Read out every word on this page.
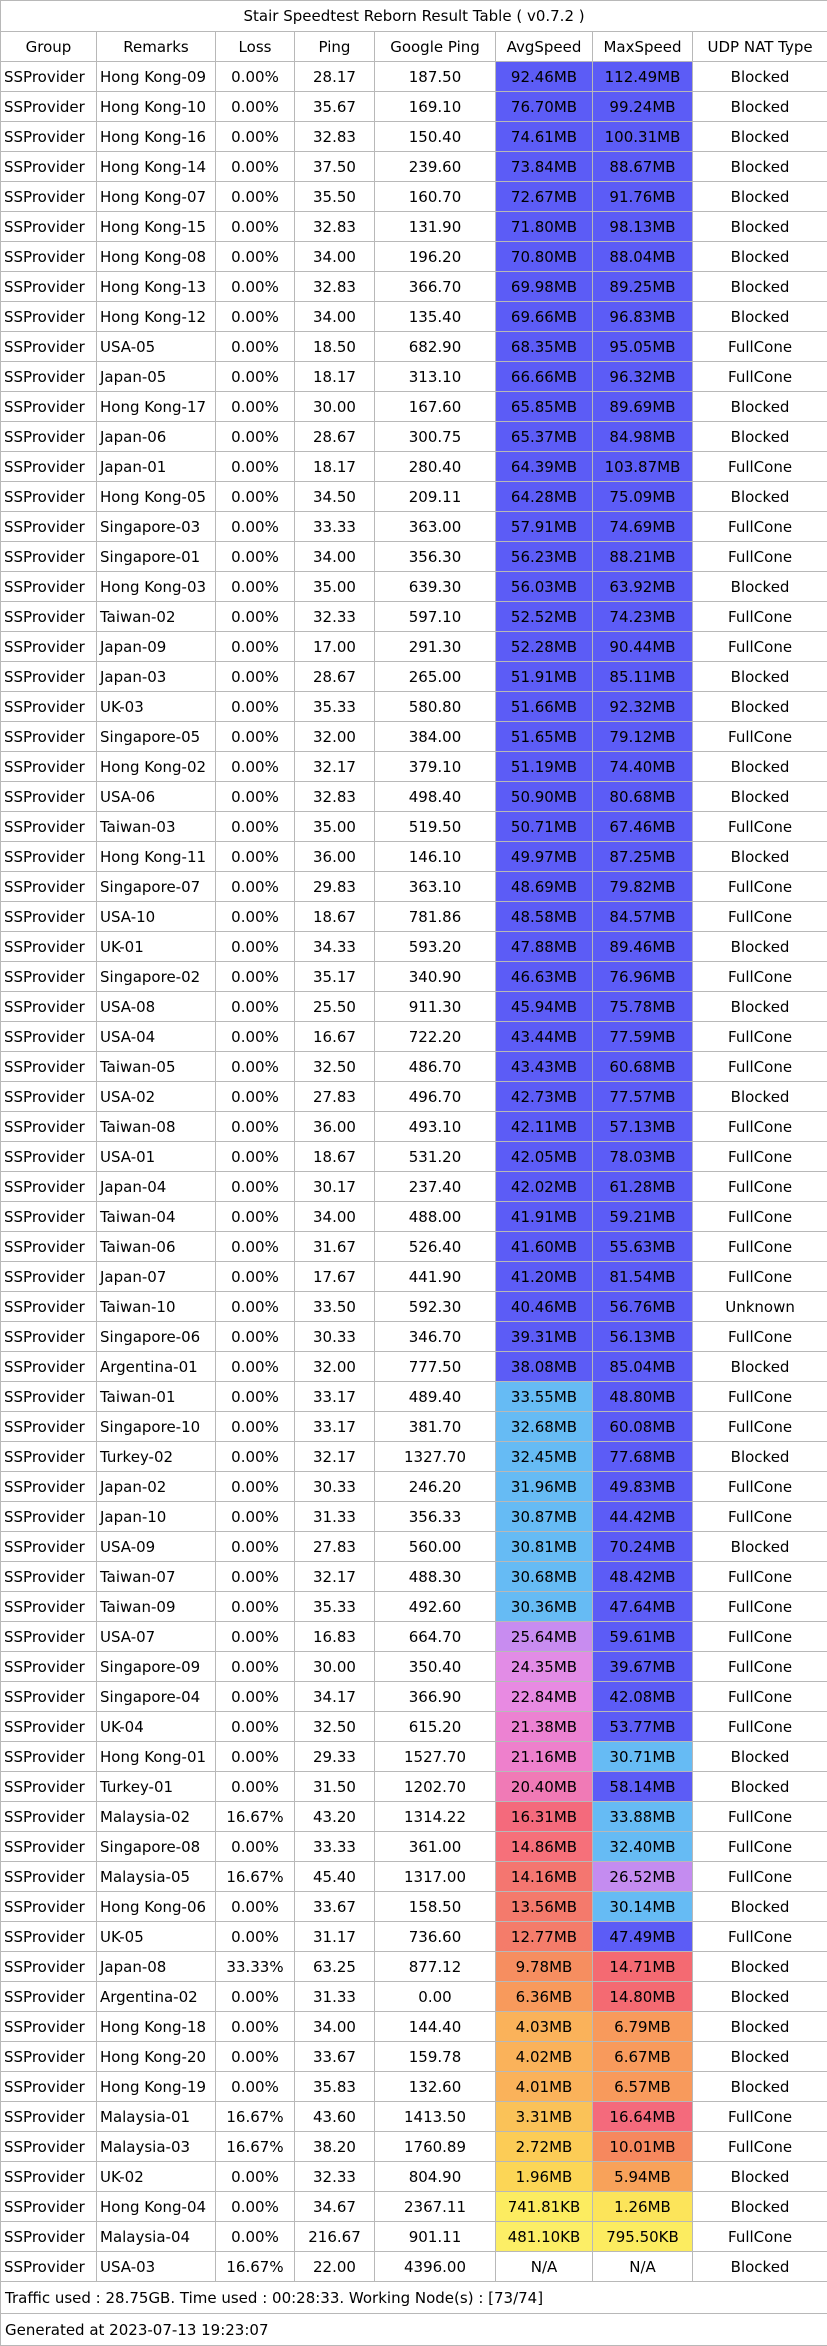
Stair Speedtest Reborn Result Table ( v0.7.2 )							
Group	Remarks	Loss	Ping	Google Ping	AvgSpeed	MaxSpeed	UDP NAT Type
SSProvider	Hong Kong-09	0.00%	28.17	187.50	92.46MB	112.49MB	Blocked
SSProvider	Hong Kong-10	0.00%	35.67	169.10	76.70MB	99.24MB	Blocked
SSProvider	Hong Kong-16	0.00%	32.83	150.40	74.61MB	100.31MB	Blocked
SSProvider	Hong Kong-14	0.00%	37.50	239.60	73.84MB	88.67MB	Blocked
SSProvider	Hong Kong-07	0.00%	35.50	160.70	72.67MB	91.76MB	Blocked
SSProvider	Hong Kong-15	0.00%	32.83	131.90	71.80MB	98.13MB	Blocked
SSProvider	Hong Kong-08	0.00%	34.00	196.20	70.80MB	88.04MB	Blocked
SSProvider	Hong Kong-13	0.00%	32.83	366.70	69.98MB	89.25MB	Blocked
SSProvider	Hong Kong-12	0.00%	34.00	135.40	69.66MB	96.83MB	Blocked
SSProvider	USA-05	0.00%	18.50	682.90	68.35MB	95.05MB	FullCone
SSProvider	Japan-05	0.00%	18.17	313.10	66.66MB	96.32MB	FullCone
SSProvider	Hong Kong-17	0.00%	30.00	167.60	65.85MB	89.69MB	Blocked
SSProvider	Japan-06	0.00%	28.67	300.75	65.37MB	84.98MB	Blocked
SSProvider	Japan-01	0.00%	18.17	280.40	64.39MB	103.87MB	FullCone
SSProvider	Hong Kong-05	0.00%	34.50	209.11	64.28MB	75.09MB	Blocked
SSProvider	Singapore-03	0.00%	33.33	363.00	57.91MB	74.69MB	FullCone
SSProvider	Singapore-01	0.00%	34.00	356.30	56.23MB	88.21MB	FullCone
SSProvider	Hong Kong-03	0.00%	35.00	639.30	56.03MB	63.92MB	Blocked
SSProvider	Taiwan-02	0.00%	32.33	597.10	52.52MB	74.23MB	FullCone
SSProvider	Japan-09	0.00%	17.00	291.30	52.28MB	90.44MB	FullCone
SSProvider	Japan-03	0.00%	28.67	265.00	51.91MB	85.11MB	Blocked
SSProvider	UK-03	0.00%	35.33	580.80	51.66MB	92.32MB	Blocked
SSProvider	Singapore-05	0.00%	32.00	384.00	51.65MB	79.12MB	FullCone
SSProvider	Hong Kong-02	0.00%	32.17	379.10	51.19MB	74.40MB	Blocked
SSProvider	USA-06	0.00%	32.83	498.40	50.90MB	80.68MB	Blocked
SSProvider	Taiwan-03	0.00%	35.00	519.50	50.71MB	67.46MB	FullCone
SSProvider	Hong Kong-11	0.00%	36.00	146.10	49.97MB	87.25MB	Blocked
SSProvider	Singapore-07	0.00%	29.83	363.10	48.69MB	79.82MB	FullCone
SSProvider	USA-10	0.00%	18.67	781.86	48.58MB	84.57MB	FullCone
SSProvider	UK-01	0.00%	34.33	593.20	47.88MB	89.46MB	Blocked
SSProvider	Singapore-02	0.00%	35.17	340.90	46.63MB	76.96MB	FullCone
SSProvider	USA-08	0.00%	25.50	911.30	45.94MB	75.78MB	Blocked
SSProvider	USA-04	0.00%	16.67	722.20	43.44MB	77.59MB	FullCone
SSProvider	Taiwan-05	0.00%	32.50	486.70	43.43MB	60.68MB	FullCone
SSProvider	USA-02	0.00%	27.83	496.70	42.73MB	77.57MB	Blocked
SSProvider	Taiwan-08	0.00%	36.00	493.10	42.11MB	57.13MB	FullCone
SSProvider	USA-01	0.00%	18.67	531.20	42.05MB	78.03MB	FullCone
SSProvider	Japan-04	0.00%	30.17	237.40	42.02MB	61.28MB	FullCone
SSProvider	Taiwan-04	0.00%	34.00	488.00	41.91MB	59.21MB	FullCone
SSProvider	Taiwan-06	0.00%	31.67	526.40	41.60MB	55.63MB	FullCone
SSProvider	Japan-07	0.00%	17.67	441.90	41.20MB	81.54MB	FullCone
SSProvider	Taiwan-10	0.00%	33.50	592.30	40.46MB	56.76MB	Unknown
SSProvider	Singapore-06	0.00%	30.33	346.70	39.31MB	56.13MB	FullCone
SSProvider	Argentina-01	0.00%	32.00	777.50	38.08MB	85.04MB	Blocked
SSProvider	Taiwan-01	0.00%	33.17	489.40	33.55MB	48.80MB	FullCone
SSProvider	Singapore-10	0.00%	33.17	381.70	32.68MB	60.08MB	FullCone
SSProvider	Turkey-02	0.00%	32.17	1327.70	32.45MB	77.68MB	Blocked
SSProvider	Japan-02	0.00%	30.33	246.20	31.96MB	49.83MB	FullCone
SSProvider	Japan-10	0.00%	31.33	356.33	30.87MB	44.42MB	FullCone
SSProvider	USA-09	0.00%	27.83	560.00	30.81MB	70.24MB	Blocked
SSProvider	Taiwan-07	0.00%	32.17	488.30	30.68MB	48.42MB	FullCone
SSProvider	Taiwan-09	0.00%	35.33	492.60	30.36MB	47.64MB	FullCone
SSProvider	USA-07	0.00%	16.83	664.70	25.64MB	59.61MB	FullCone
SSProvider	Singapore-09	0.00%	30.00	350.40	24.35MB	39.67MB	FullCone
SSProvider	Singapore-04	0.00%	34.17	366.90	22.84MB	42.08MB	FullCone
SSProvider	UK-04	0.00%	32.50	615.20	21.38MB	53.77MB	FullCone
SSProvider	Hong Kong-01	0.00%	29.33	1527.70	21.16MB	30.71MB	Blocked
SSProvider	Turkey-01	0.00%	31.50	1202.70	20.40MB	58.14MB	Blocked
SSProvider	Malaysia-02	16.67%	43.20	1314.22	16.31MB	33.88MB	FullCone
SSProvider	Singapore-08	0.00%	33.33	361.00	14.86MB	32.40MB	FullCone
SSProvider	Malaysia-05	16.67%	45.40	1317.00	14.16MB	26.52MB	FullCone
SSProvider	Hong Kong-06	0.00%	33.67	158.50	13.56MB	30.14MB	Blocked
SSProvider	UK-05	0.00%	31.17	736.60	12.77MB	47.49MB	FullCone
SSProvider	Japan-08	33.33%	63.25	877.12	9.78MB	14.71MB	Blocked
SSProvider	Argentina-02	0.00%	31.33	0.00	6.36MB	14.80MB	Blocked
SSProvider	Hong Kong-18	0.00%	34.00	144.40	4.03MB	6.79MB	Blocked
SSProvider	Hong Kong-20	0.00%	33.67	159.78	4.02MB	6.67MB	Blocked
SSProvider	Hong Kong-19	0.00%	35.83	132.60	4.01MB	6.57MB	Blocked
SSProvider	Malaysia-01	16.67%	43.60	1413.50	3.31MB	16.64MB	FullCone
SSProvider	Malaysia-03	16.67%	38.20	1760.89	2.72MB	10.01MB	FullCone
SSProvider	UK-02	0.00%	32.33	804.90	1.96MB	5.94MB	Blocked
SSProvider	Hong Kong-04	0.00%	34.67	2367.11	741.81KB	1.26MB	Blocked
SSProvider	Malaysia-04	0.00%	216.67	901.11	481.10KB	795.50KB	FullCone
SSProvider	USA-03	16.67%	22.00	4396.00	N/A	N/A	Blocked
Traffic used : 28.75GB. Time used : 00:28:33. Working Node(s) : [73/74]							
Generated at 2023-07-13 19:23:07							
